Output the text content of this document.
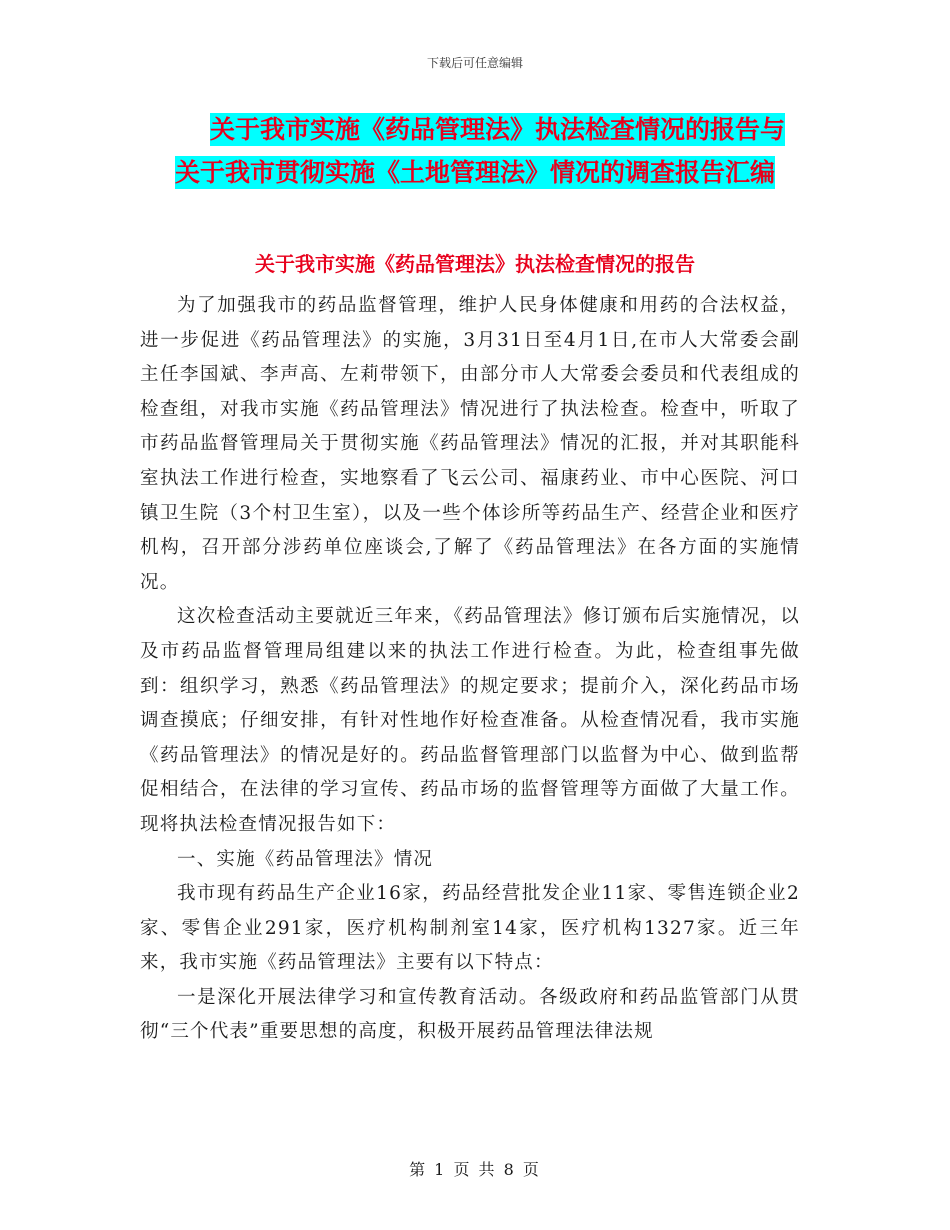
下载后可任意编辑
关于我市实施《药品管理法》执法检查情况的报告与
关于我市贯彻实施《土地管理法》情况的调查报告汇编
关于我市实施《药品管理法》执法检查情况的报告

为了加强我市的药品监督管理，维护人民身体健康和用药的合法权益，进一步促进《药品管理法》的实施，3月31日至4月1日,在市人大常委会副主任李国斌、李声高、左莉带领下，由部分市人大常委会委员和代表组成的检查组，对我市实施《药品管理法》情况进行了执法检查。检查中，听取了市药品监督管理局关于贯彻实施《药品管理法》情况的汇报，并对其职能科室执法工作进行检查，实地察看了飞云公司、福康药业、市中心医院、河口镇卫生院（3个村卫生室），以及一些个体诊所等药品生产、经营企业和医疗机构，召开部分涉药单位座谈会,了解了《药品管理法》在各方面的实施情况。

这次检查活动主要就近三年来，《药品管理法》修订颁布后实施情况，以及市药品监督管理局组建以来的执法工作进行检查。为此，检查组事先做到：组织学习，熟悉《药品管理法》的规定要求；提前介入，深化药品市场调查摸底；仔细安排，有针对性地作好检查准备。从检查情况看，我市实施《药品管理法》的情况是好的。药品监督管理部门以监督为中心、做到监帮促相结合，在法律的学习宣传、药品市场的监督管理等方面做了大量工作。现将执法检查情况报告如下：

一、实施《药品管理法》情况

我市现有药品生产企业16家，药品经营批发企业11家、零售连锁企业2家、零售企业291家，医疗机构制剂室14家，医疗机构1327家。近三年来，我市实施《药品管理法》主要有以下特点：

一是深化开展法律学习和宣传教育活动。各级政府和药品监管部门从贯彻“三个代表”重要思想的高度，积极开展药品管理法律法规

第 1 页 共 8 页
